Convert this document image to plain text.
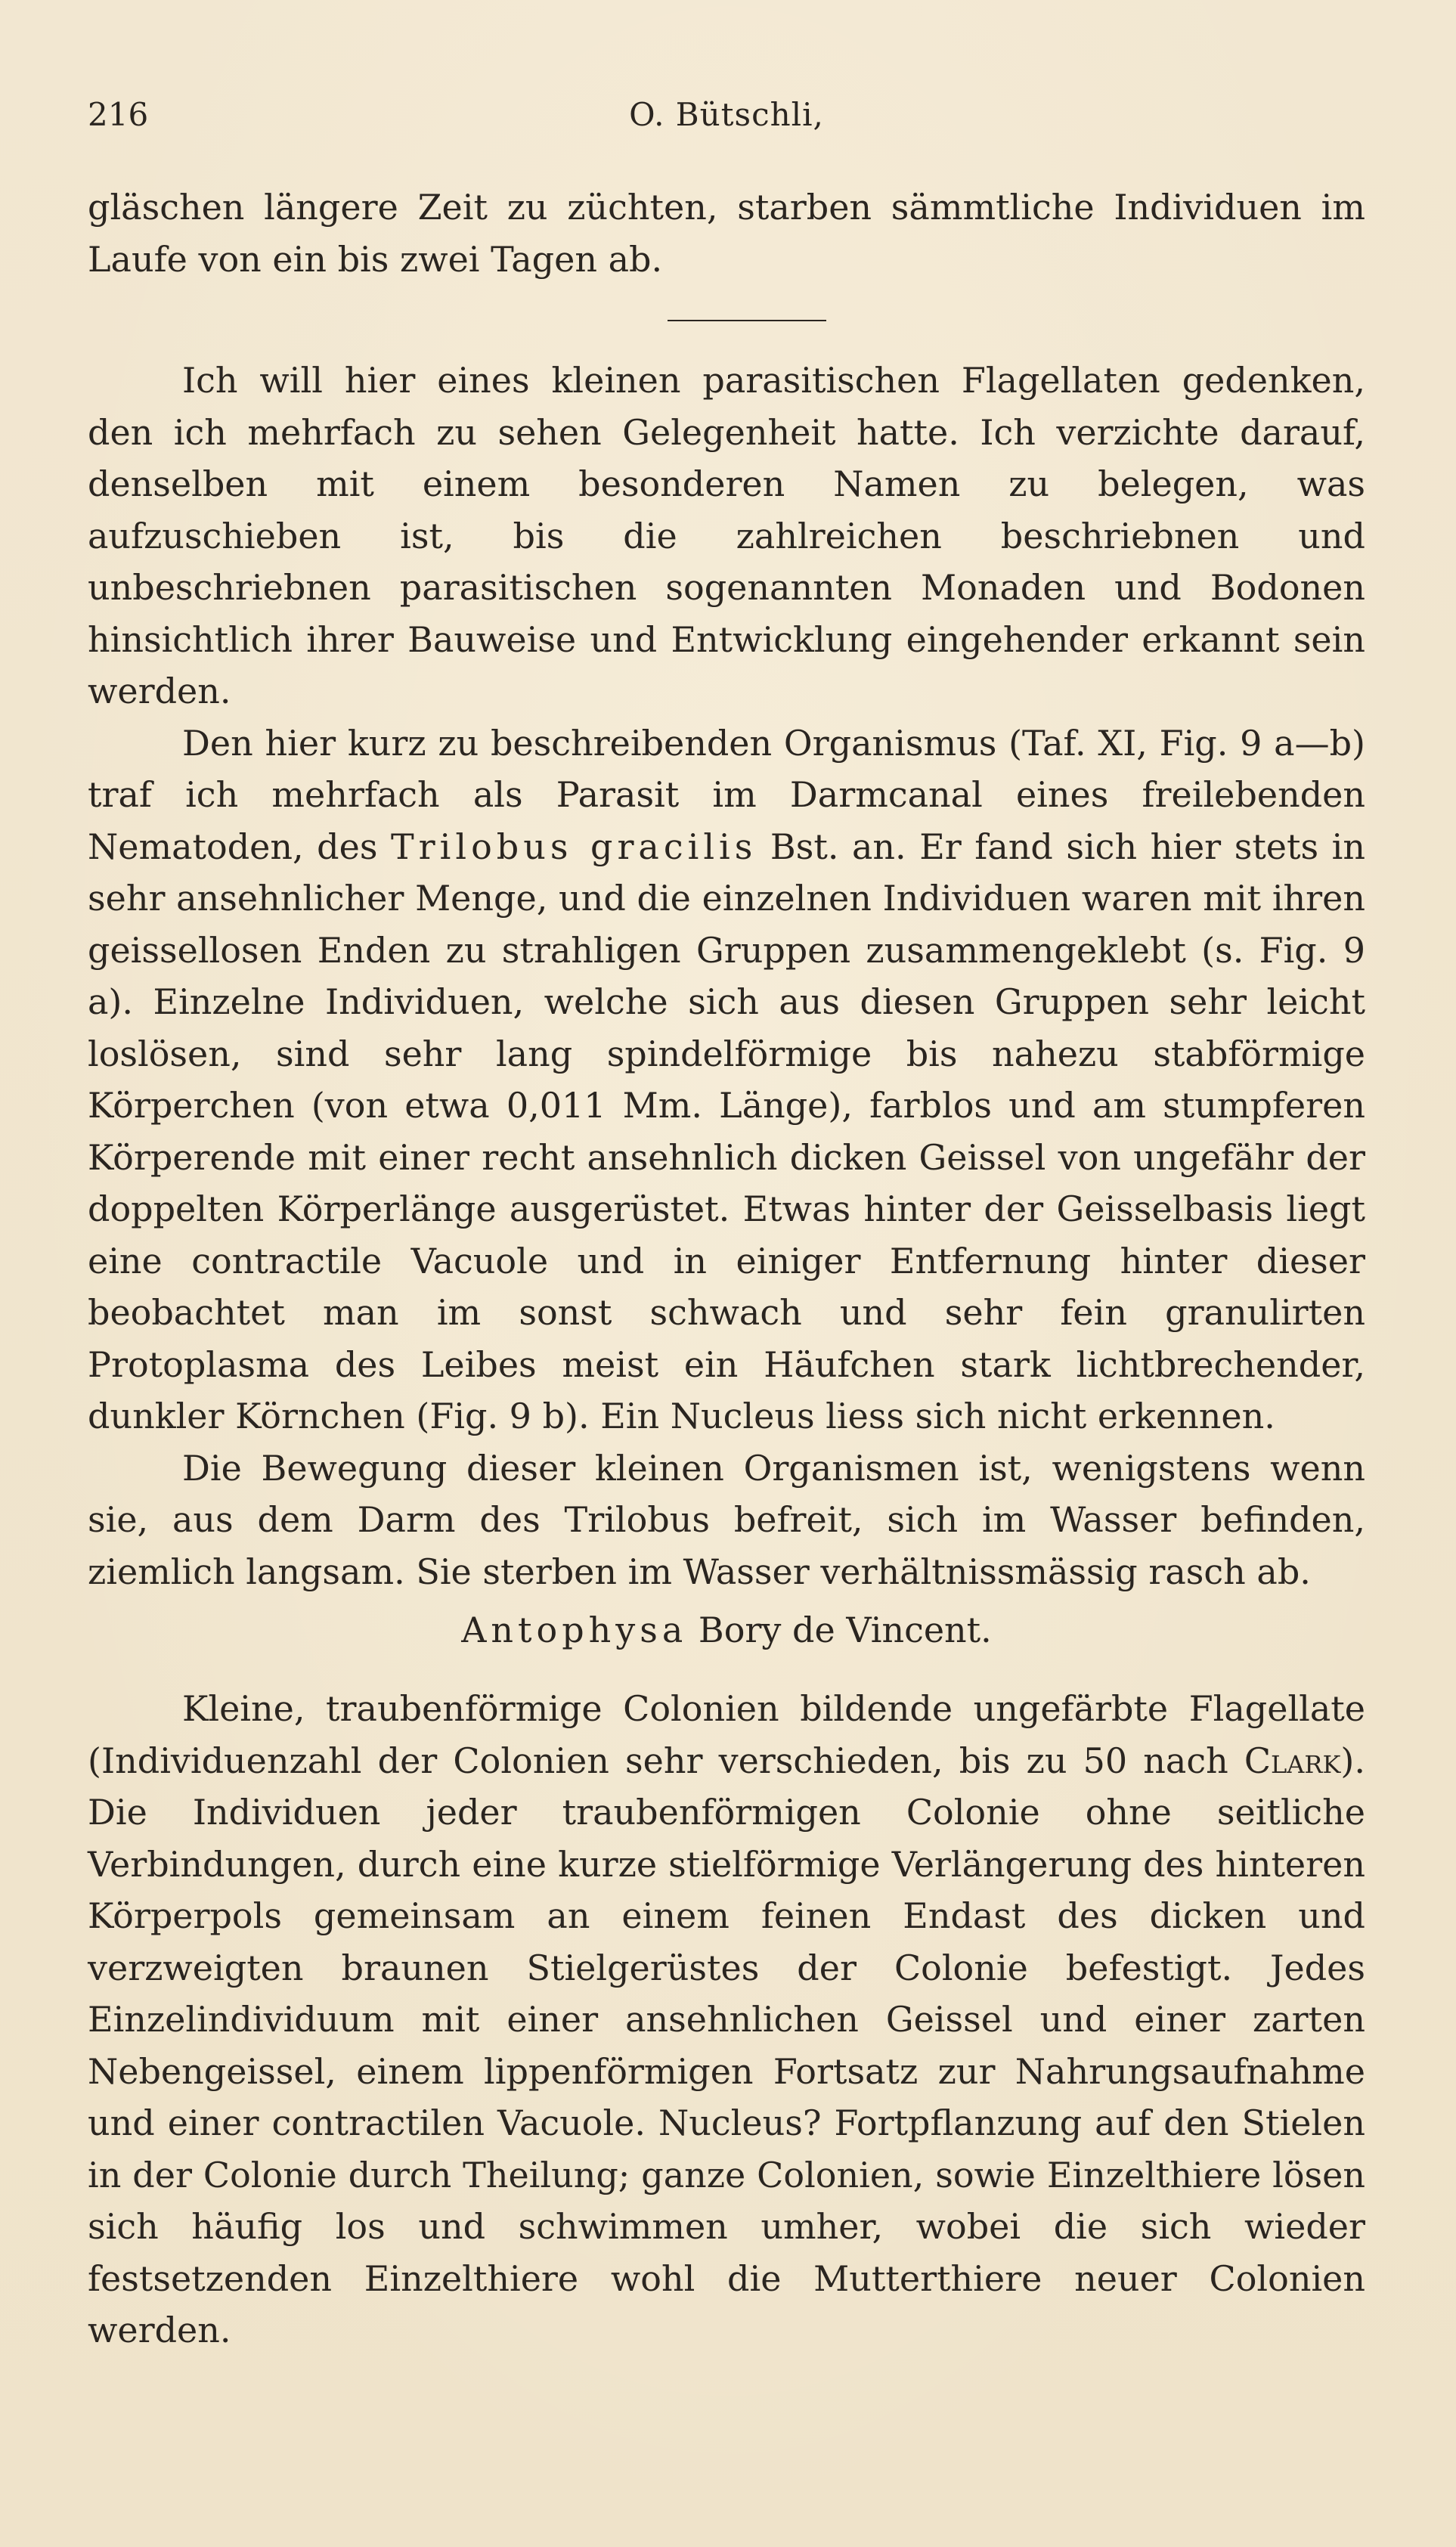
216	O. Bütschli,

gläschen längere Zeit zu züchten, starben sämmtliche Individuen im Laufe von ein bis zwei Tagen ab.

Ich will hier eines kleinen parasitischen Flagellaten gedenken, den ich mehrfach zu sehen Gelegenheit hatte. Ich verzichte darauf, denselben mit einem besonderen Namen zu belegen, was aufzuschieben ist, bis die zahlreichen beschriebnen und unbeschriebnen parasitischen sogenannten Monaden und Bodonen hinsichtlich ihrer Bauweise und Entwicklung eingehender erkannt sein werden.

Den hier kurz zu beschreibenden Organismus (Taf. XI, Fig. 9 a—b) traf ich mehrfach als Parasit im Darmcanal eines freilebenden Nematoden, des Trilobus gracilis Bst. an. Er fand sich hier stets in sehr ansehnlicher Menge, und die einzelnen Individuen waren mit ihren geissellosen Enden zu strahligen Gruppen zusammengeklebt (s. Fig. 9 a). Einzelne Individuen, welche sich aus diesen Gruppen sehr leicht loslösen, sind sehr lang spindelförmige bis nahezu stabförmige Körperchen (von etwa 0,011 Mm. Länge), farblos und am stumpferen Körperende mit einer recht ansehnlich dicken Geissel von ungefähr der doppelten Körperlänge ausgerüstet. Etwas hinter der Geisselbasis liegt eine contractile Vacuole und in einiger Entfernung hinter dieser beobachtet man im sonst schwach und sehr fein granulirten Protoplasma des Leibes meist ein Häufchen stark lichtbrechender, dunkler Körnchen (Fig. 9 b). Ein Nucleus liess sich nicht erkennen.

Die Bewegung dieser kleinen Organismen ist, wenigstens wenn sie, aus dem Darm des Trilobus befreit, sich im Wasser befinden, ziemlich langsam. Sie sterben im Wasser verhältnissmässig rasch ab.

Antophysa Bory de Vincent.

Kleine, traubenförmige Colonien bildende ungefärbte Flagellate (Individuenzahl der Colonien sehr verschieden, bis zu 50 nach Clark). Die Individuen jeder traubenförmigen Colonie ohne seitliche Verbindungen, durch eine kurze stielförmige Verlängerung des hinteren Körperpols gemeinsam an einem feinen Endast des dicken und verzweigten braunen Stielgerüstes der Colonie befestigt. Jedes Einzelindividuum mit einer ansehnlichen Geissel und einer zarten Nebengeissel, einem lippenförmigen Fortsatz zur Nahrungsaufnahme und einer contractilen Vacuole. Nucleus? Fortpflanzung auf den Stielen in der Colonie durch Theilung; ganze Colonien, sowie Einzelthiere lösen sich häufig los und schwimmen umher, wobei die sich wieder festsetzenden Einzelthiere wohl die Mutterthiere neuer Colonien werden.
